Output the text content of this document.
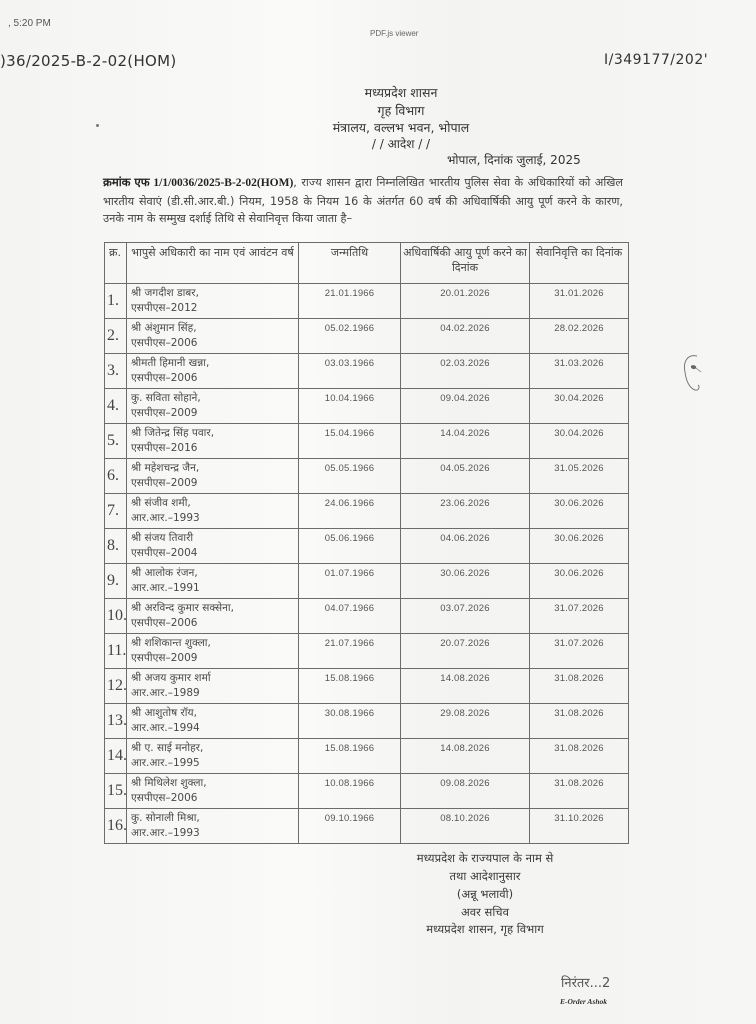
, 5:20 PM
PDF.js viewer
)36/2025-B-2-02(HOM)	I/349177/202'
मध्यप्रदेश शासन
गृह विभाग
मंत्रालय, वल्लभ भवन, भोपाल
/ / आदेश / /
भोपाल, दिनांक जुलाई, 2025
क्रमांक एफ 1/1/0036/2025-B-2-02(HOM), राज्य शासन द्वारा निम्नलिखित भारतीय पुलिस सेवा के अधिकारियों को अखिल भारतीय सेवाएं (डी.सी.आर.बी.) नियम, 1958 के नियम 16 के अंतर्गत 60 वर्ष की अधिवार्षिकी आयु पूर्ण करने के कारण, उनके नाम के सम्मुख दर्शाई तिथि से सेवानिवृत्त किया जाता है–
क्र.	भापुसे अधिकारी का नाम एवं आवंटन वर्ष	जन्मतिथि	अधिवार्षिकी आयु पूर्ण करने का दिनांक	सेवानिवृत्ति का दिनांक

1.	श्री जगदीश डाबर,
एसपीएस–2012	21.01.1966	20.01.2026	31.01.2026

2.	श्री अंशुमान सिंह,
एसपीएस–2006	05.02.1966	04.02.2026	28.02.2026

3.	श्रीमती हिमानी खन्ना,
एसपीएस–2006	03.03.1966	02.03.2026	31.03.2026

4.	कु. सविता सोहाने,
एसपीएस–2009	10.04.1966	09.04.2026	30.04.2026

5.	श्री जितेन्द्र सिंह पवार,
एसपीएस–2016	15.04.1966	14.04.2026	30.04.2026

6.	श्री महेशचन्द्र जैन,
एसपीएस–2009	05.05.1966	04.05.2026	31.05.2026

7.	श्री संजीव शमी,
आर.आर.–1993	24.06.1966	23.06.2026	30.06.2026

8.	श्री संजय तिवारी
एसपीएस–2004	05.06.1966	04.06.2026	30.06.2026

9.	श्री आलोक रंजन,
आर.आर.–1991	01.07.1966	30.06.2026	30.06.2026

10.	श्री अरविन्द कुमार सक्सेना,
एसपीएस–2006	04.07.1966	03.07.2026	31.07.2026

11.	श्री शशिकान्त शुक्ला,
एसपीएस–2009	21.07.1966	20.07.2026	31.07.2026

12.	श्री अजय कुमार शर्मा
आर.आर.–1989	15.08.1966	14.08.2026	31.08.2026

13.	श्री आशुतोष रॉय,
आर.आर.–1994	30.08.1966	29.08.2026	31.08.2026

14.	श्री ए. साई मनोहर,
आर.आर.–1995	15.08.1966	14.08.2026	31.08.2026

15.	श्री मिथिलेश शुक्ला,
एसपीएस–2006	10.08.1966	09.08.2026	31.08.2026

16.	कु. सोनाली मिश्रा,
आर.आर.–1993	09.10.1966	08.10.2026	31.10.2026
मध्यप्रदेश के राज्यपाल के नाम से
तथा आदेशानुसार
(अन्नू भलावी)
अवर सचिव
मध्यप्रदेश शासन, गृह विभाग
निरंतर...2
E-Order Ashok
